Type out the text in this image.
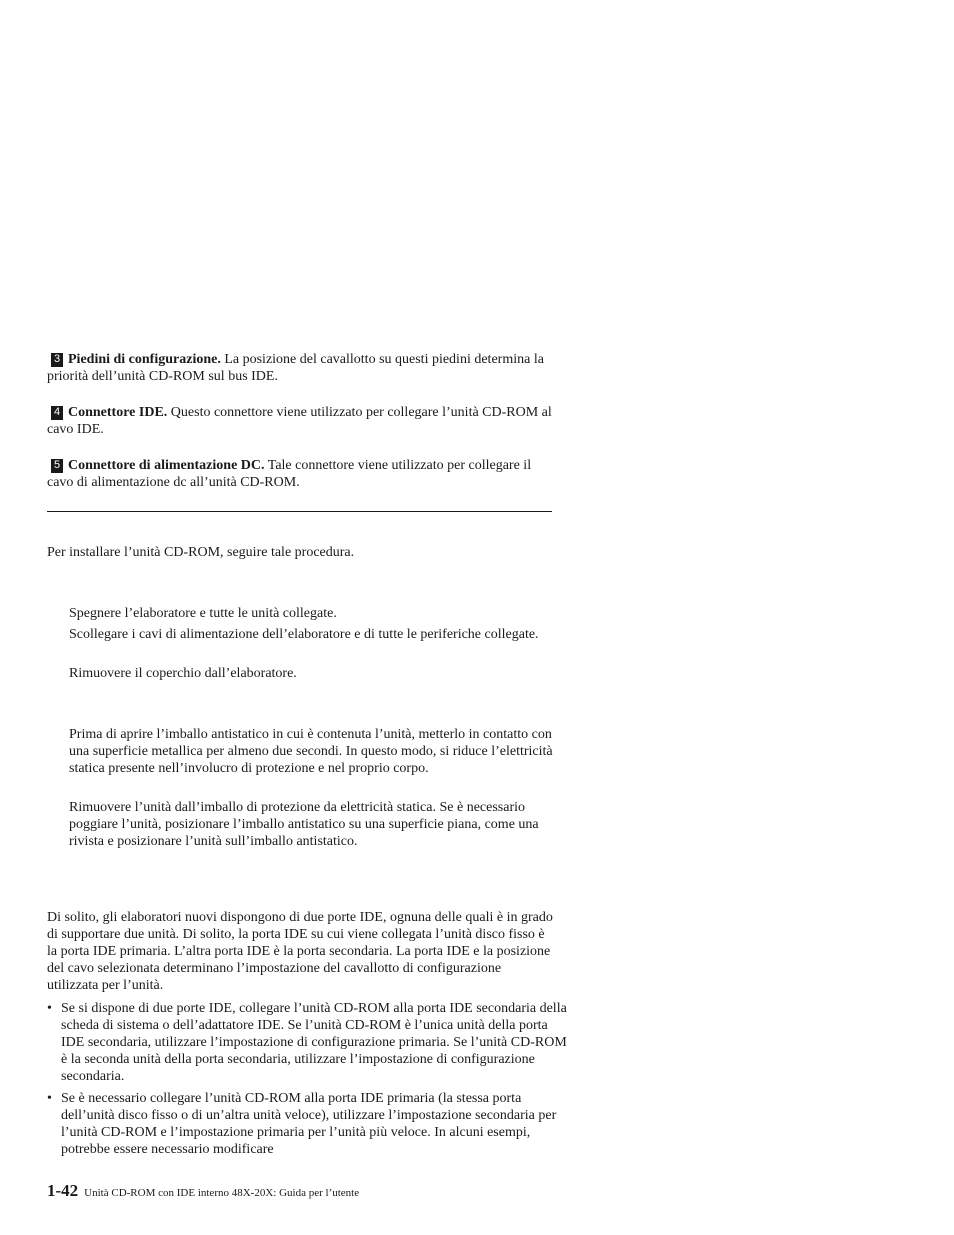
3 Piedini di configurazione. La posizione del cavallotto su questi piedini determina la priorità dell’unità CD-ROM sul bus IDE.

4 Connettore IDE. Questo connettore viene utilizzato per collegare l’unità CD-ROM al cavo IDE.

5 Connettore di alimentazione DC. Tale connettore viene utilizzato per collegare il cavo di alimentazione dc all’unità CD-ROM.

Per installare l’unità CD-ROM, seguire tale procedura.

Spegnere l’elaboratore e tutte le unità collegate.

Scollegare i cavi di alimentazione dell’elaboratore e di tutte le periferiche collegate.

Rimuovere il coperchio dall’elaboratore.

Prima di aprire l’imballo antistatico in cui è contenuta l’unità, metterlo in contatto con una superficie metallica per almeno due secondi. In questo modo, si riduce l’elettricità statica presente nell’involucro di protezione e nel proprio corpo.

Rimuovere l’unità dall’imballo di protezione da elettricità statica. Se è necessario poggiare l’unità, posizionare l’imballo antistatico su una superficie piana, come una rivista e posizionare l’unità sull’imballo antistatico.

Di solito, gli elaboratori nuovi dispongono di due porte IDE, ognuna delle quali è in grado di supportare due unità. Di solito, la porta IDE su cui viene collegata l’unità disco fisso è la porta IDE primaria. L’altra porta IDE è la porta secondaria. La porta IDE e la posizione del cavo selezionata determinano l’impostazione del cavallotto di configurazione utilizzata per l’unità.

• Se si dispone di due porte IDE, collegare l’unità CD-ROM alla porta IDE secondaria della scheda di sistema o dell’adattatore IDE. Se l’unità CD-ROM è l’unica unità della porta IDE secondaria, utilizzare l’impostazione di configurazione primaria. Se l’unità CD-ROM è la seconda unità della porta secondaria, utilizzare l’impostazione di configurazione secondaria.
• Se è necessario collegare l’unità CD-ROM alla porta IDE primaria (la stessa porta dell’unità disco fisso o di un’altra unità veloce), utilizzare l’impostazione secondaria per l’unità CD-ROM e l’impostazione primaria per l’unità più veloce. In alcuni esempi, potrebbe essere necessario modificare
1-42 Unità CD-ROM con IDE interno 48X-20X: Guida per l’utente
